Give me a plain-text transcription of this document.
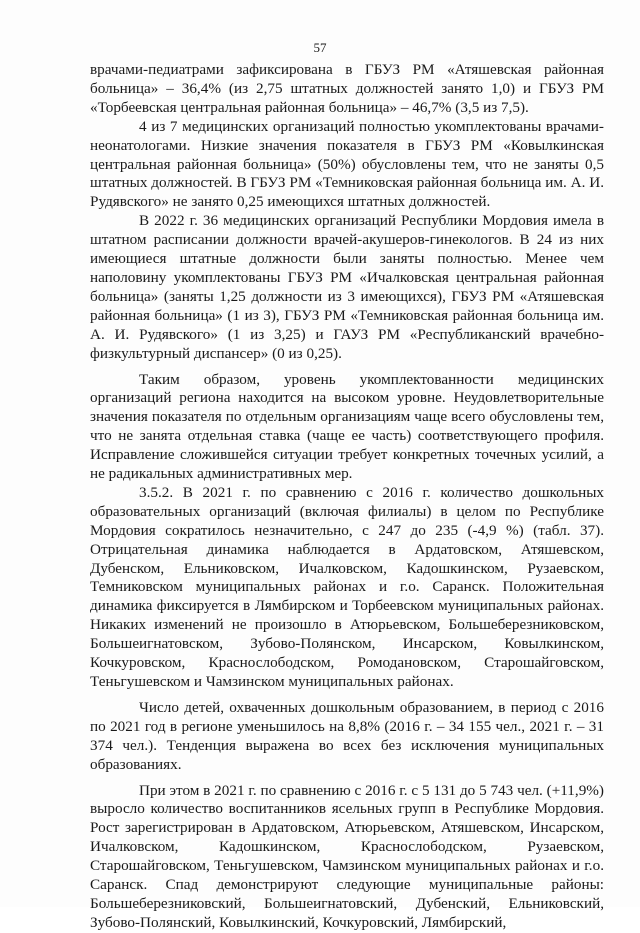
57

врачами-педиатрами зафиксирована в ГБУЗ РМ «Атяшевская районная больница» – 36,4% (из 2,75 штатных должностей занято 1,0) и ГБУЗ РМ «Торбеевская центральная районная больница» – 46,7% (3,5 из 7,5).

4 из 7 медицинских организаций полностью укомплектованы врачами-неонатологами. Низкие значения показателя в ГБУЗ РМ «Ковылкинская центральная районная больница» (50%) обусловлены тем, что не заняты 0,5 штатных должностей. В ГБУЗ РМ «Темниковская районная больница им. А. И. Рудявского» не занято 0,25 имеющихся штатных должностей.

В 2022 г. 36 медицинских организаций Республики Мордовия имела в штатном расписании должности врачей-акушеров-гинекологов. В 24 из них имеющиеся штатные должности были заняты полностью. Менее чем наполовину укомплектованы ГБУЗ РМ «Ичалковская центральная районная больница» (заняты 1,25 должности из 3 имеющихся), ГБУЗ РМ «Атяшевская районная больница» (1 из 3), ГБУЗ РМ «Темниковская районная больница им. А. И. Рудявского» (1 из 3,25) и ГАУЗ РМ «Республиканский врачебно-физкультурный диспансер» (0 из 0,25).

Таким образом, уровень укомплектованности медицинских организаций региона находится на высоком уровне. Неудовлетворительные значения показателя по отдельным организациям чаще всего обусловлены тем, что не занята отдельная ставка (чаще ее часть) соответствующего профиля. Исправление сложившейся ситуации требует конкретных точечных усилий, а не радикальных административных мер.

3.5.2. В 2021 г. по сравнению с 2016 г. количество дошкольных образовательных организаций (включая филиалы) в целом по Республике Мордовия сократилось незначительно, с 247 до 235 (-4,9 %) (табл. 37). Отрицательная динамика наблюдается в Ардатовском, Атяшевском, Дубенском, Ельниковском, Ичалковском, Кадошкинском, Рузаевском, Темниковском муниципальных районах и г.о. Саранск. Положительная динамика фиксируется в Лямбирском и Торбеевском муниципальных районах. Никаких изменений не произошло в Атюрьевском, Большеберезниковском, Большеигнатовском, Зубово-Полянском, Инсарском, Ковылкинском, Кочкуровском, Краснослободском, Ромодановском, Старошайговском, Теньгушевском и Чамзинском муниципальных районах.

Число детей, охваченных дошкольным образованием, в период с 2016 по 2021 год в регионе уменьшилось на 8,8% (2016 г. – 34 155 чел., 2021 г. – 31 374 чел.). Тенденция выражена во всех без исключения муниципальных образованиях.

При этом в 2021 г. по сравнению с 2016 г. с 5 131 до 5 743 чел. (+11,9%) выросло количество воспитанников ясельных групп в Республике Мордовия. Рост зарегистрирован в Ардатовском, Атюрьевском, Атяшевском, Инсарском, Ичалковском, Кадошкинском, Краснослободском, Рузаевском, Старошайговском, Теньгушевском, Чамзинском муниципальных районах и г.о. Саранск. Спад демонстрируют следующие муниципальные районы: Большеберезниковский, Большеигнатовский, Дубенский, Ельниковский, Зубово-Полянский, Ковылкинский, Кочкуровский, Лямбирский,
